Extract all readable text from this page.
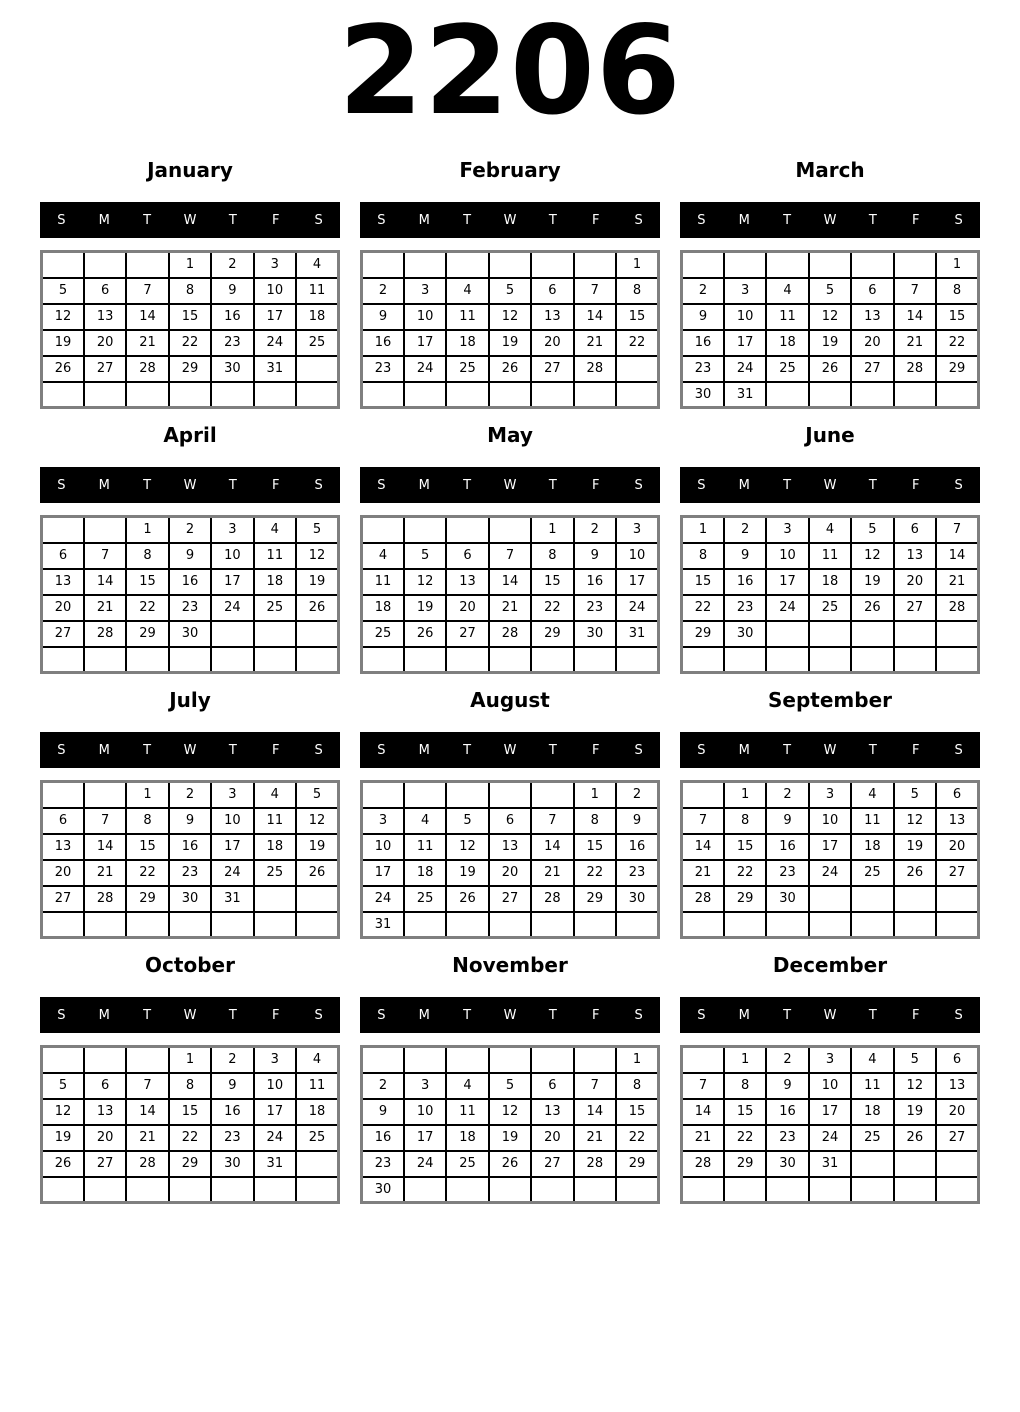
2206
January
S	M	T	W	T	F	S
			1	2	3	4
5	6	7	8	9	10	11
12	13	14	15	16	17	18
19	20	21	22	23	24	25
26	27	28	29	30	31	

February
S	M	T	W	T	F	S
						1
2	3	4	5	6	7	8
9	10	11	12	13	14	15
16	17	18	19	20	21	22
23	24	25	26	27	28	

March
S	M	T	W	T	F	S
						1
2	3	4	5	6	7	8
9	10	11	12	13	14	15
16	17	18	19	20	21	22
23	24	25	26	27	28	29
30	31					
April
S	M	T	W	T	F	S
		1	2	3	4	5
6	7	8	9	10	11	12
13	14	15	16	17	18	19
20	21	22	23	24	25	26
27	28	29	30			

May
S	M	T	W	T	F	S
				1	2	3
4	5	6	7	8	9	10
11	12	13	14	15	16	17
18	19	20	21	22	23	24
25	26	27	28	29	30	31

June
S	M	T	W	T	F	S
1	2	3	4	5	6	7
8	9	10	11	12	13	14
15	16	17	18	19	20	21
22	23	24	25	26	27	28
29	30					

July
S	M	T	W	T	F	S
		1	2	3	4	5
6	7	8	9	10	11	12
13	14	15	16	17	18	19
20	21	22	23	24	25	26
27	28	29	30	31		

August
S	M	T	W	T	F	S
					1	2
3	4	5	6	7	8	9
10	11	12	13	14	15	16
17	18	19	20	21	22	23
24	25	26	27	28	29	30
31						
September
S	M	T	W	T	F	S
	1	2	3	4	5	6
7	8	9	10	11	12	13
14	15	16	17	18	19	20
21	22	23	24	25	26	27
28	29	30				

October
S	M	T	W	T	F	S
			1	2	3	4
5	6	7	8	9	10	11
12	13	14	15	16	17	18
19	20	21	22	23	24	25
26	27	28	29	30	31	

November
S	M	T	W	T	F	S
						1
2	3	4	5	6	7	8
9	10	11	12	13	14	15
16	17	18	19	20	21	22
23	24	25	26	27	28	29
30						
December
S	M	T	W	T	F	S
	1	2	3	4	5	6
7	8	9	10	11	12	13
14	15	16	17	18	19	20
21	22	23	24	25	26	27
28	29	30	31			
